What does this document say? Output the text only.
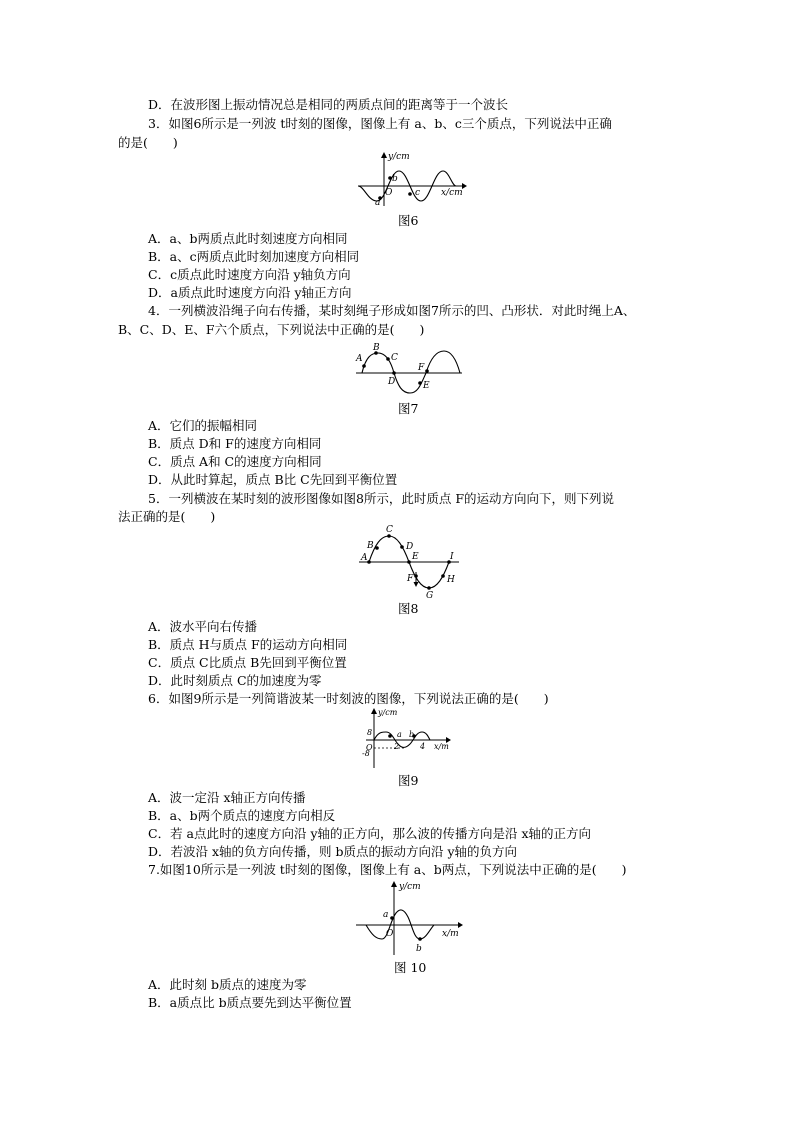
D．在波形图上振动情况总是相同的两质点间的距离等于一个波长
3．如图6所示是一列波 t时刻的图像，图像上有 a、b、c三个质点，下列说法中正确
的是(　　)
y/cm
x/cm
O
a
b
c
图6
A．a、b两质点此时刻速度方向相同
B．a、c两质点此时刻加速度方向相同
C．c质点此时速度方向沿 y轴负方向
D．a质点此时速度方向沿 y轴正方向
4．一列横波沿绳子向右传播，某时刻绳子形成如图7所示的凹、凸形状．对此时绳上A、
B、C、D、E、F六个质点，下列说法中正确的是(　　)
A
B
C
D	E
F
图7
A．它们的振幅相同
B．质点 D和 F的速度方向相同
C．质点 A和 C的速度方向相同
D．从此时算起，质点 B比 C先回到平衡位置
5．一列横波在某时刻的波形图像如图8所示，此时质点 F的运动方向向下，则下列说
法正确的是(　　)
A
B
C
D
E
F
G
H
I
图8
A．波水平向右传播
B．质点 H与质点 F的运动方向相同
C．质点 C比质点 B先回到平衡位置
D．此时刻质点 C的加速度为零
6．如图9所示是一列简谐波某一时刻波的图像，下列说法正确的是(　　)
y/cm
x/m
O
8
-8
2	4
a b
图9
A．波一定沿 x轴正方向传播
B．a、b两个质点的速度方向相反
C．若 a点此时的速度方向沿 y轴的正方向，那么波的传播方向是沿 x轴的正方向
D．若波沿 x轴的负方向传播，则 b质点的振动方向沿 y轴的负方向
7.如图10所示是一列波 t时刻的图像，图像上有 a、b两点，下列说法中正确的是(　　)
y/cm
x/m
O
a
b
图 10
A．此时刻 b质点的速度为零
B．a质点比 b质点要先到达平衡位置
